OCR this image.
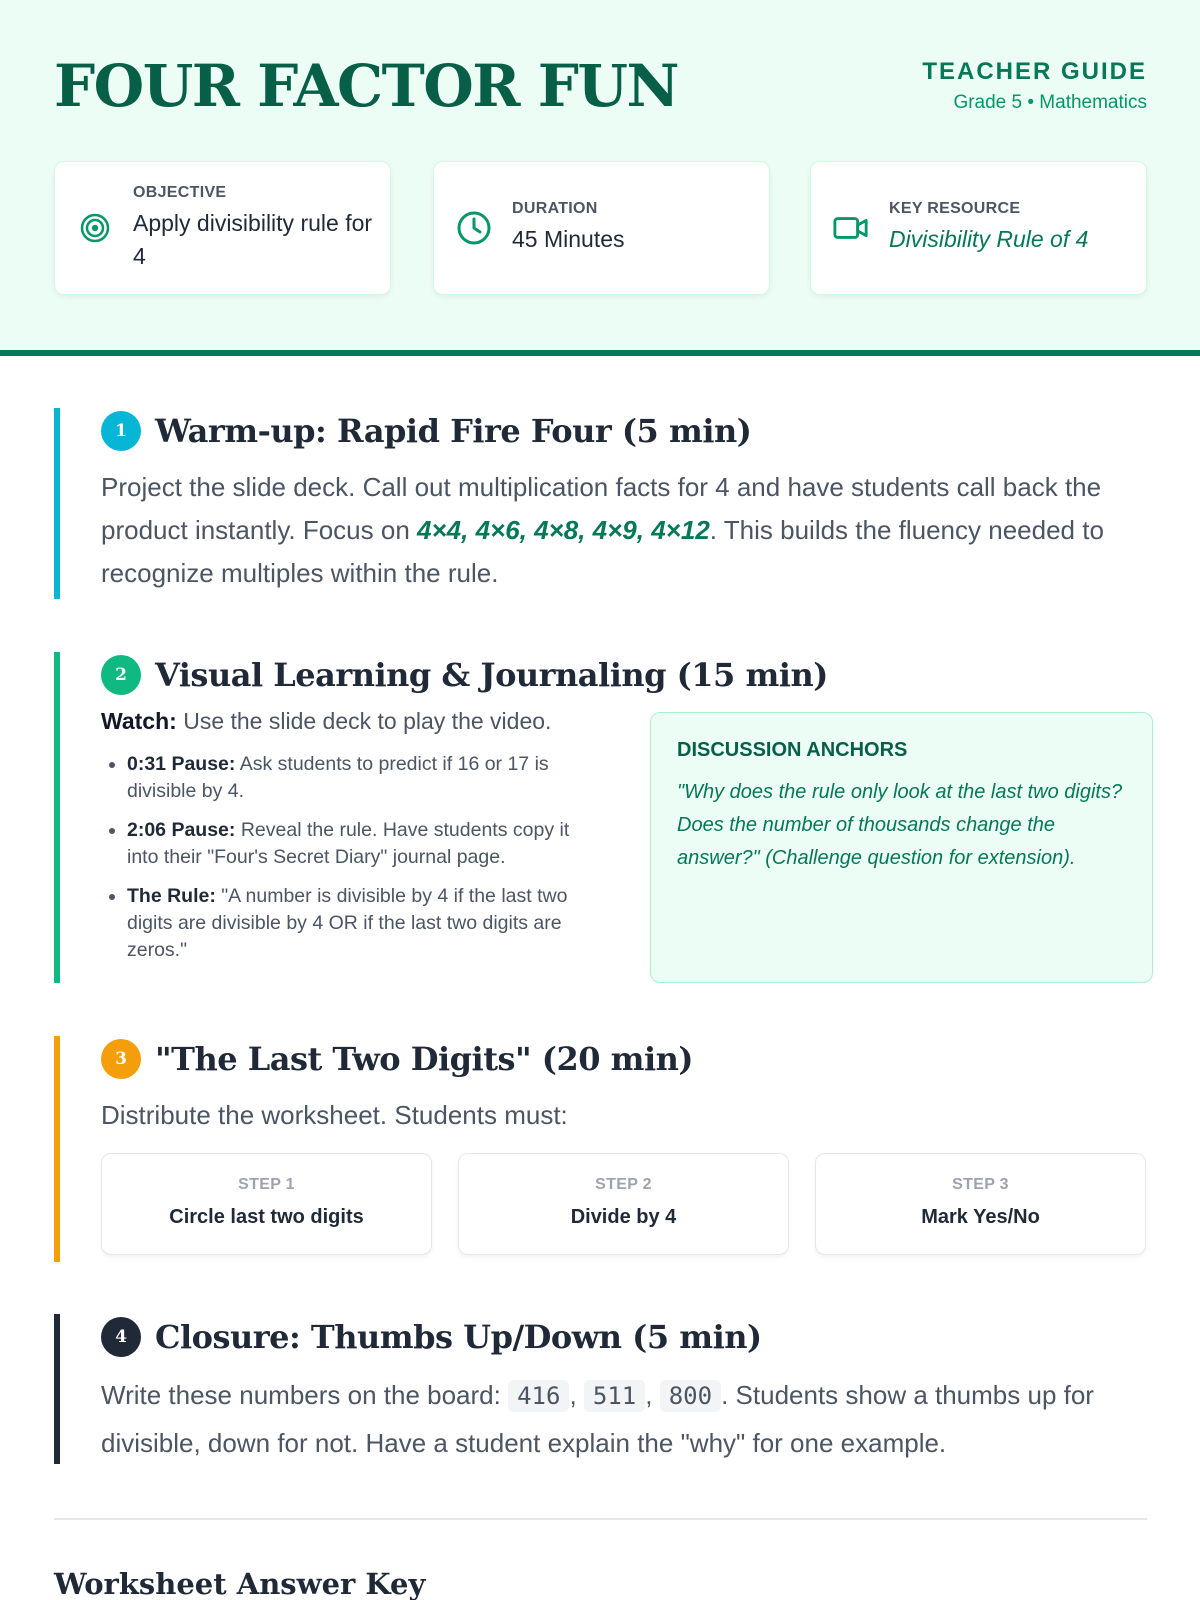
FOUR FACTOR FUN	TEACHER GUIDE
Grade 5 • Mathematics
OBJECTIVE
Apply divisibility rule for 4
DURATION
45 Minutes
KEY RESOURCE
Divisibility Rule of 4
1 Warm-up: Rapid Fire Four (5 min)

Project the slide deck. Call out multiplication facts for 4 and have students call back the product instantly. Focus on 4×4, 4×6, 4×8, 4×9, 4×12. This builds the fluency needed to recognize multiples within the rule.

2 Visual Learning & Journaling (15 min)

Watch: Use the slide deck to play the video.

• 0:31 Pause: Ask students to predict if 16 or 17 is divisible by 4.
• 2:06 Pause: Reveal the rule. Have students copy it into their "Four's Secret Diary" journal page.
• The Rule: "A number is divisible by 4 if the last two digits are divisible by 4 OR if the last two digits are zeros."
DISCUSSION ANCHORS
"Why does the rule only look at the last two digits? Does the number of thousands change the answer?" (Challenge question for extension).
3 "The Last Two Digits" (20 min)

Distribute the worksheet. Students must:

STEP 1
Circle last two digits
STEP 2
Divide by 4
STEP 3
Mark Yes/No
4 Closure: Thumbs Up/Down (5 min)

Write these numbers on the board: 416 , 511 , 800 . Students show a thumbs up for divisible, down for not. Have a student explain the "why" for one example.

Worksheet Answer Key
